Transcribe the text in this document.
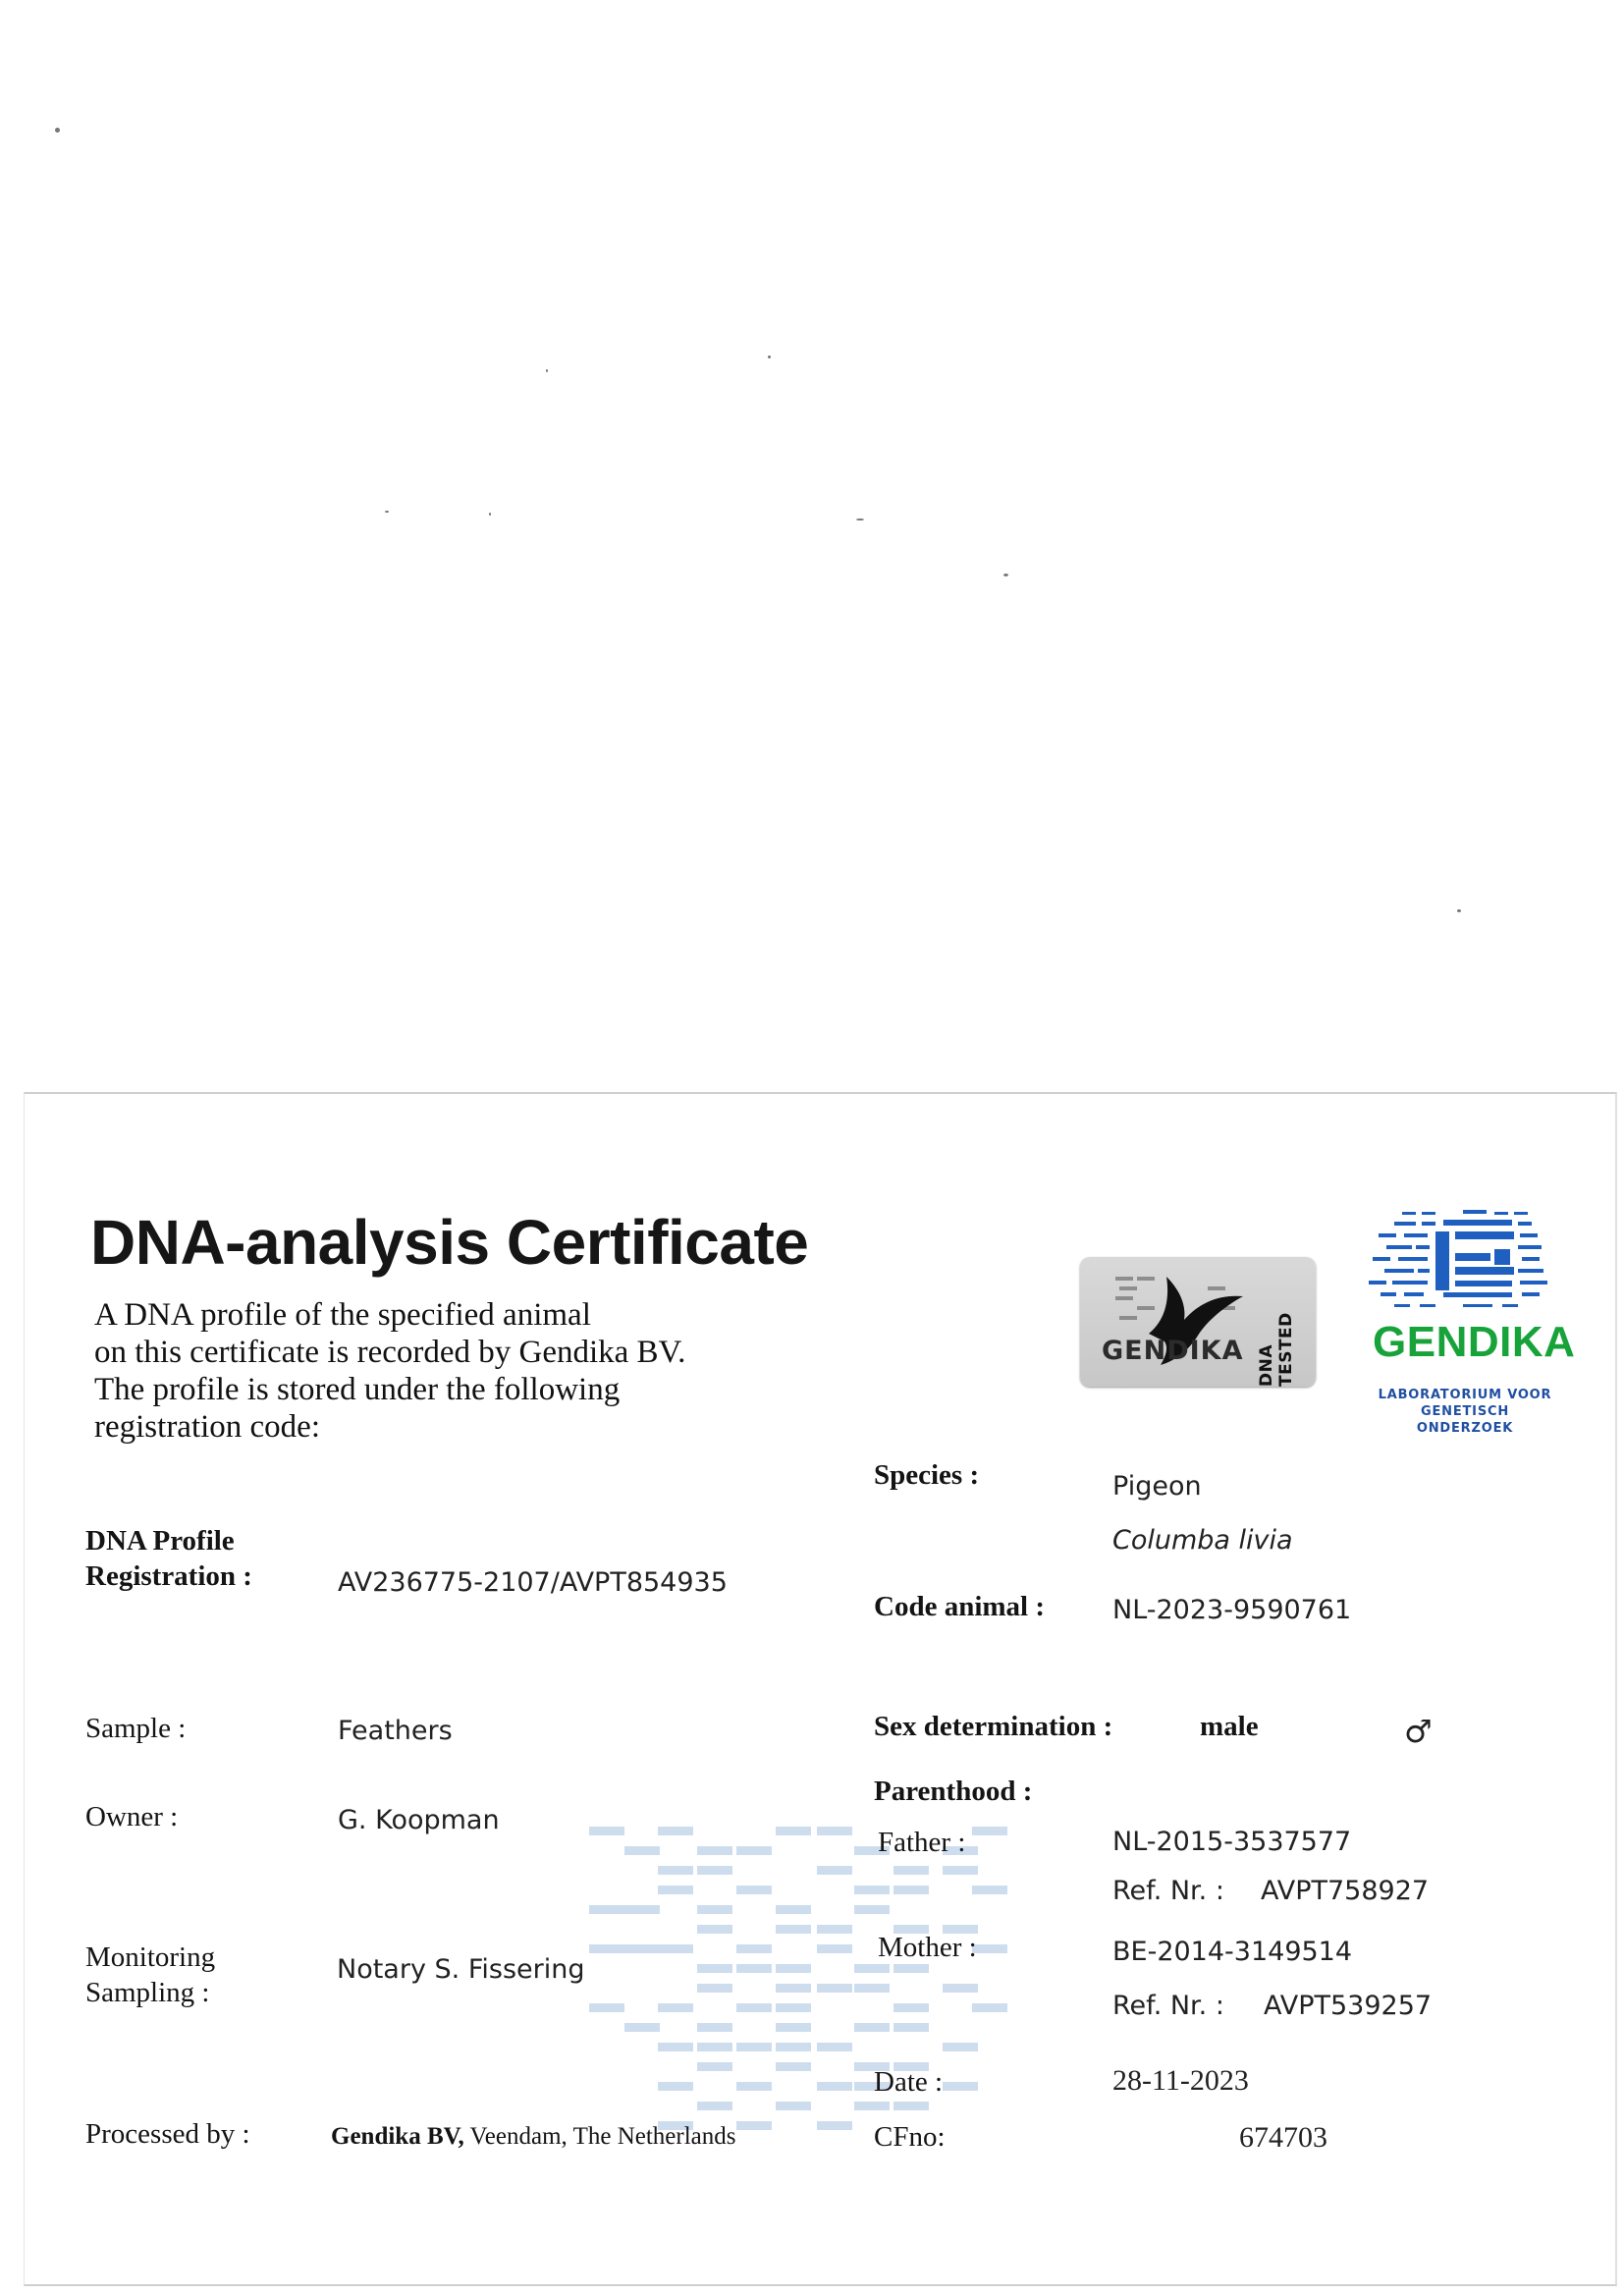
DNA-analysis Certificate
A DNA profile of the specified animal
on this certificate is recorded by Gendika BV.
The profile is stored under the following
registration code:
GENDIKA DNA TESTED GENDIKA
LABORATORIUM VOOR
GENETISCH ONDERZOEK
DNA Profile
Registration :	AV236775-2107/AVPT854935
Sample :	Feathers
Owner :	G. Koopman
Monitoring
Sampling :
Notary S. Fissering
Processed by :	Gendika BV, Veendam, The Netherlands
Species :	Pigeon
Columba livia
Code animal :	NL-2023-9590761
Sex determination :	male	♂
Parenthood :
Father :	NL-2015-3537577
Ref. Nr. : AVPT758927
Mother :	BE-2014-3149514
Ref. Nr. : AVPT539257
Date :	28-11-2023
CFno:	674703
